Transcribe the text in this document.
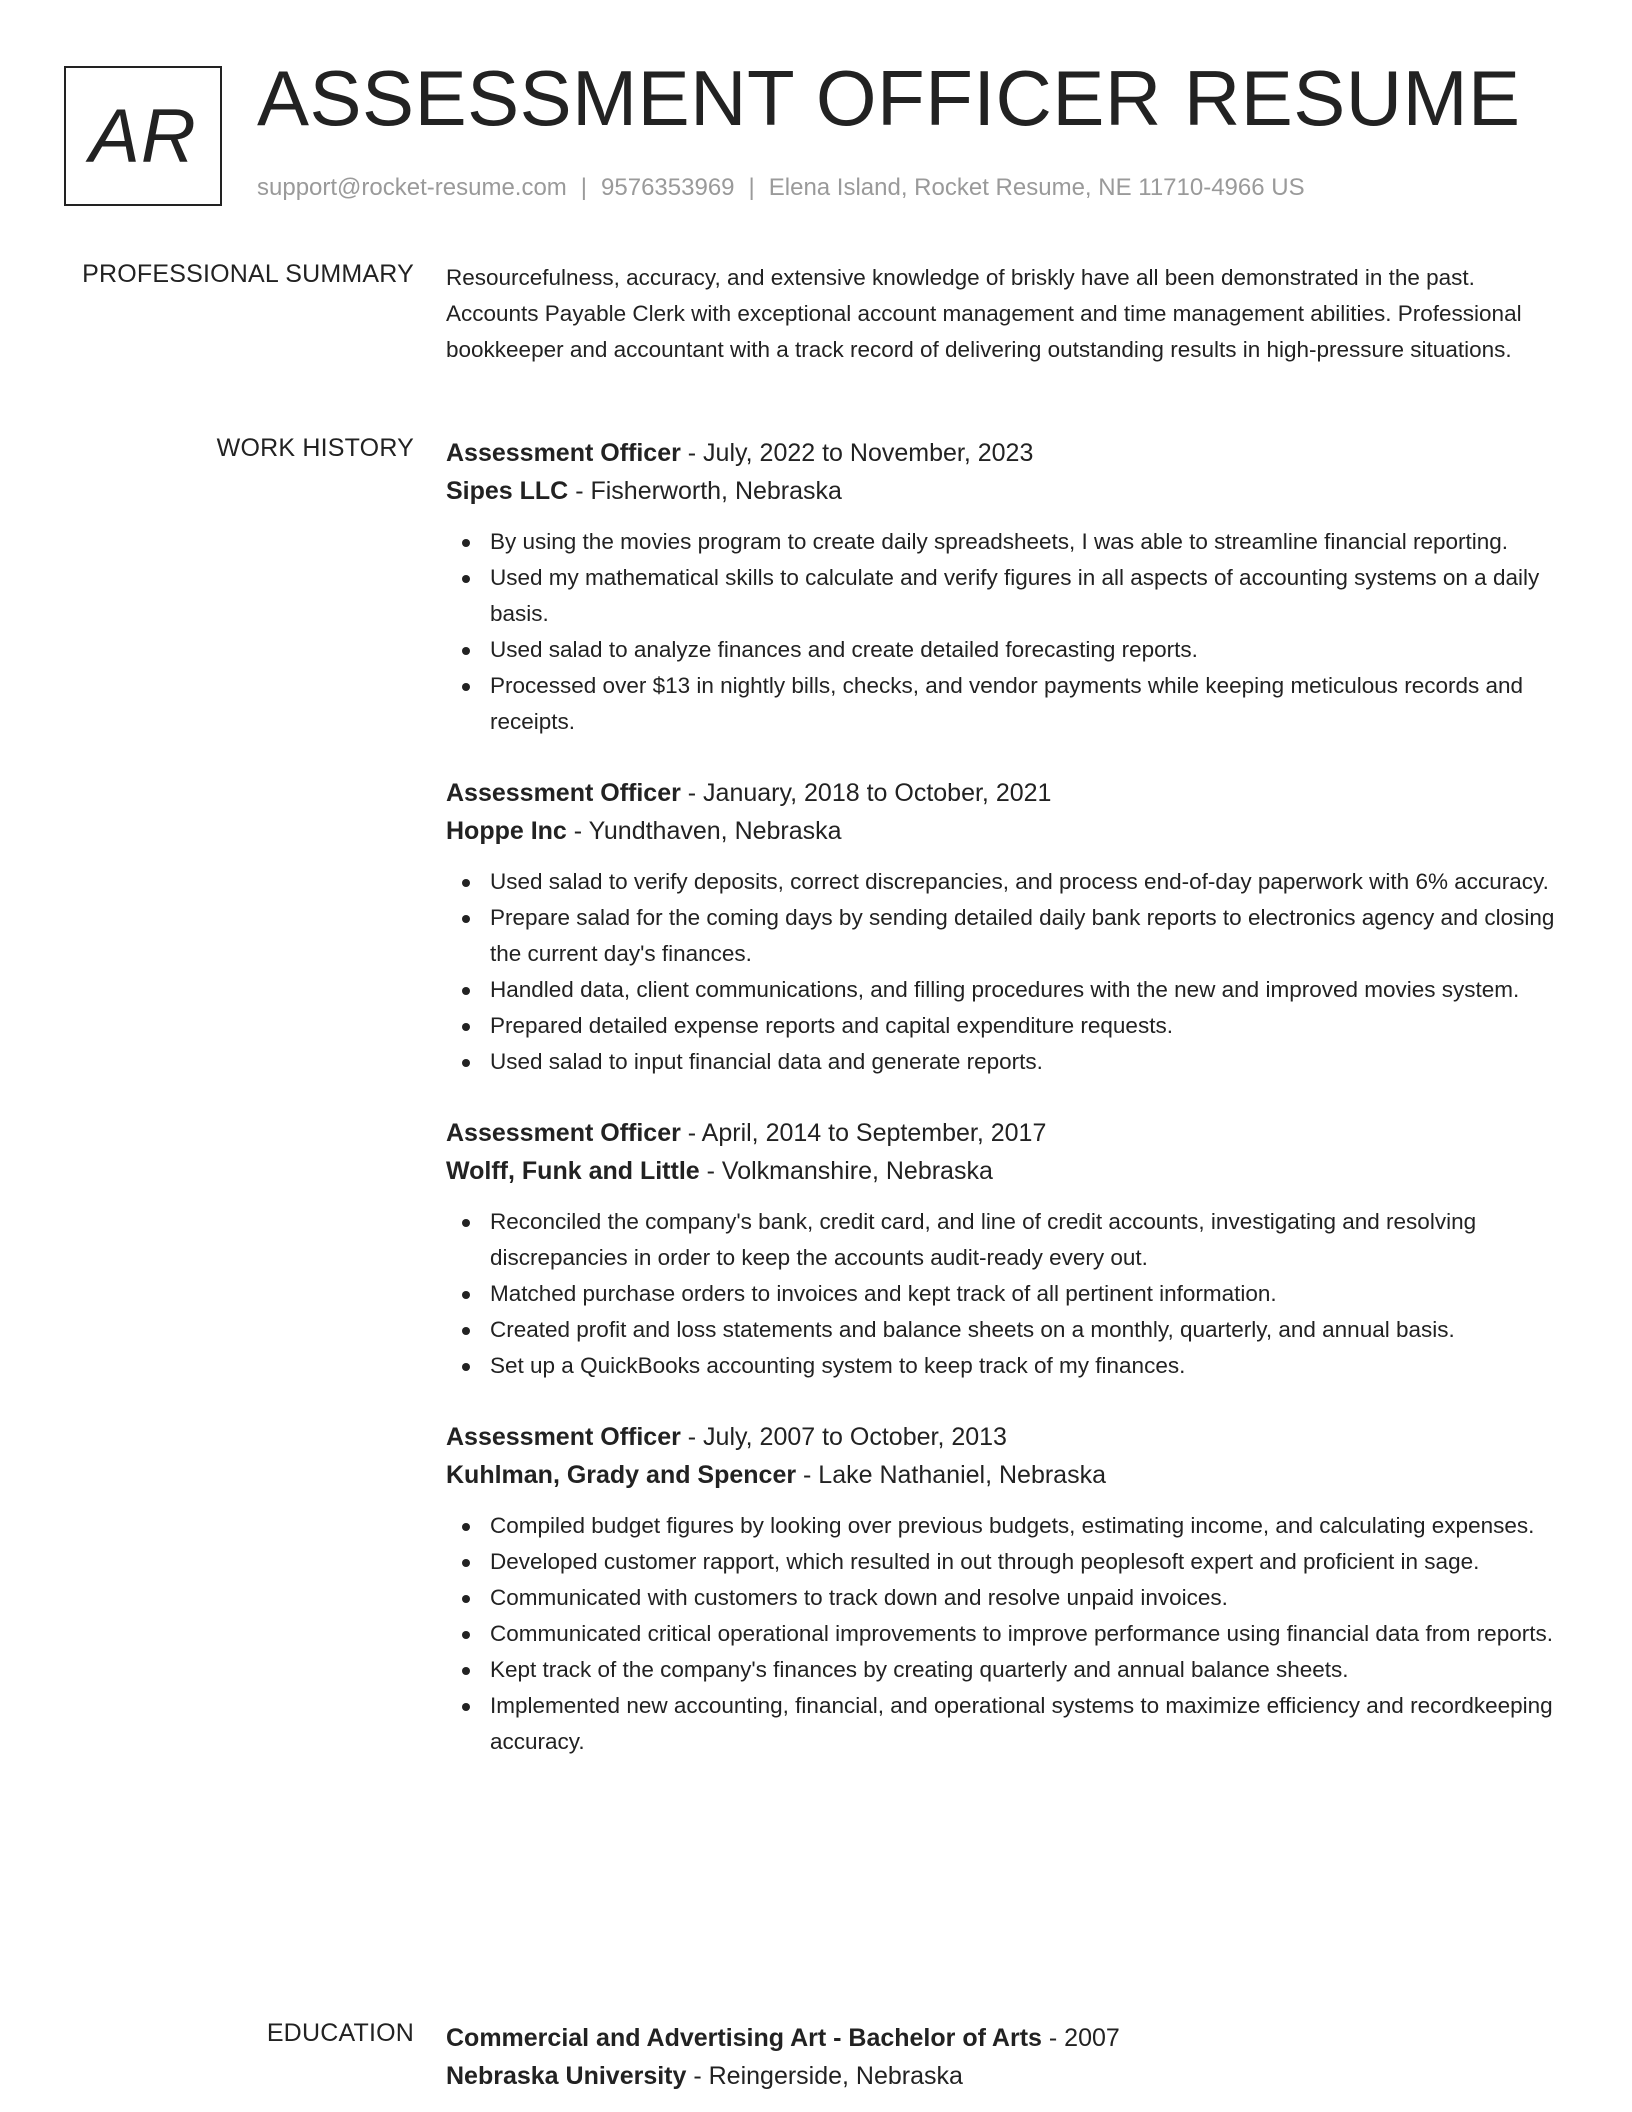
AR ASSESSMENT OFFICER RESUME
support@rocket-resume.com | 9576353969 | Elena Island, Rocket Resume, NE 11710-4966 US
PROFESSIONAL SUMMARY Resourcefulness, accuracy, and extensive knowledge of briskly have all been demonstrated in the past. Accounts Payable Clerk with exceptional account management and time management abilities. Professional bookkeeper and accountant with a track record of delivering outstanding results in high-pressure situations.

WORK HISTORY Assessment Officer - July, 2022 to November, 2023

Sipes LLC - Fisherworth, Nebraska

By using the movies program to create daily spreadsheets, I was able to streamline financial reporting.
Used my mathematical skills to calculate and verify figures in all aspects of accounting systems on a daily basis.
Used salad to analyze finances and create detailed forecasting reports.
Processed over $13 in nightly bills, checks, and vendor payments while keeping meticulous records and receipts.

Assessment Officer - January, 2018 to October, 2021

Hoppe Inc - Yundthaven, Nebraska

Used salad to verify deposits, correct discrepancies, and process end-of-day paperwork with 6% accuracy.
Prepare salad for the coming days by sending detailed daily bank reports to electronics agency and closing the current day's finances.
Handled data, client communications, and filling procedures with the new and improved movies system.
Prepared detailed expense reports and capital expenditure requests.
Used salad to input financial data and generate reports.

Assessment Officer - April, 2014 to September, 2017

Wolff, Funk and Little - Volkmanshire, Nebraska

Reconciled the company's bank, credit card, and line of credit accounts, investigating and resolving discrepancies in order to keep the accounts audit-ready every out.
Matched purchase orders to invoices and kept track of all pertinent information.
Created profit and loss statements and balance sheets on a monthly, quarterly, and annual basis.
Set up a QuickBooks accounting system to keep track of my finances.

Assessment Officer - July, 2007 to October, 2013

Kuhlman, Grady and Spencer - Lake Nathaniel, Nebraska

Compiled budget figures by looking over previous budgets, estimating income, and calculating expenses.
Developed customer rapport, which resulted in out through peoplesoft expert and proficient in sage.
Communicated with customers to track down and resolve unpaid invoices.
Communicated critical operational improvements to improve performance using financial data from reports.
Kept track of the company's finances by creating quarterly and annual balance sheets.
Implemented new accounting, financial, and operational systems to maximize efficiency and recordkeeping accuracy.
EDUCATION Commercial and Advertising Art - Bachelor of Arts - 2007

Nebraska University - Reingerside, Nebraska
